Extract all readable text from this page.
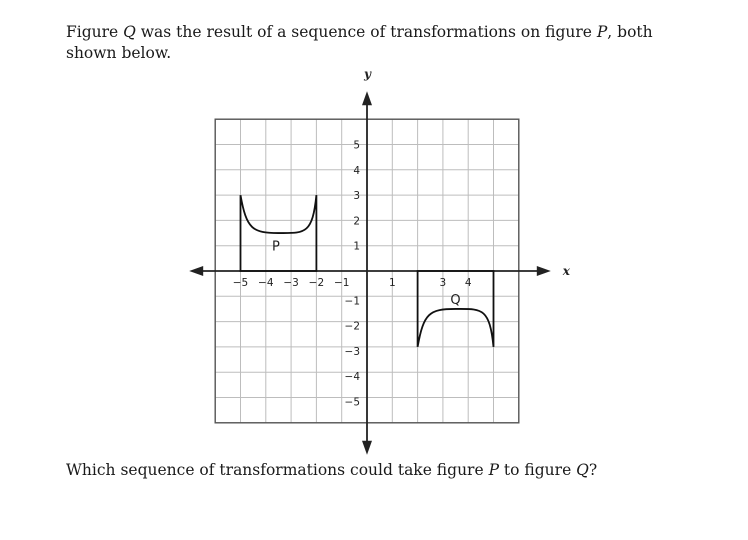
Figure Q was the result of a sequence of transformations on figure P, both shown below.
x
y
−5 −4 −3 −2 −1	1	3 4
5
4
3
2
1
−1
−2
−3
−4
−5
P
Q
Which sequence of transformations could take figure P to figure Q?
